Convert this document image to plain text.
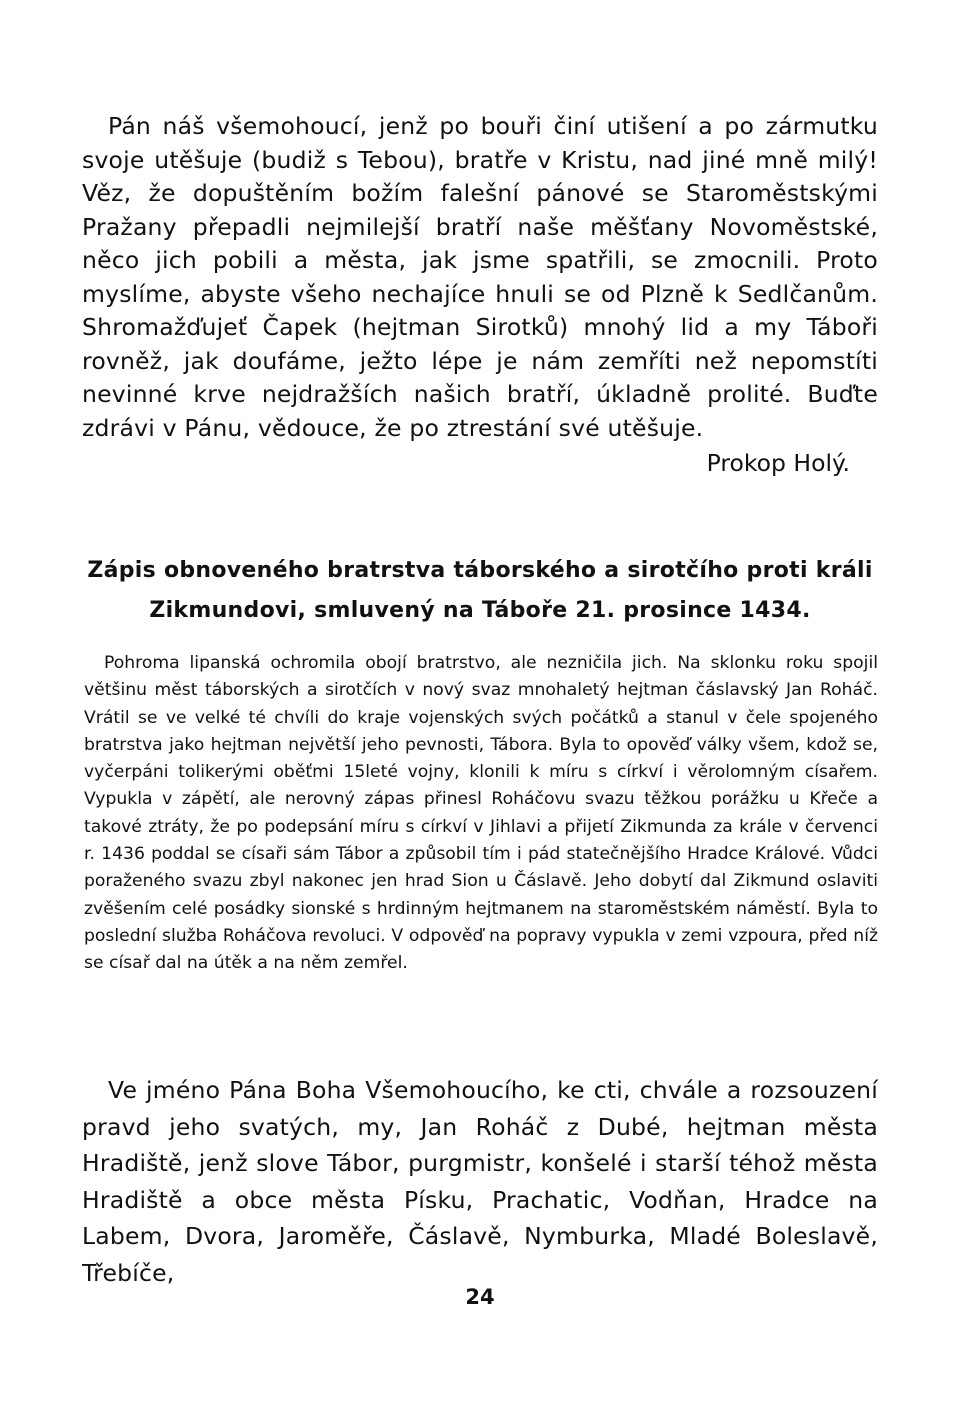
Pán náš všemohoucí, jenž po bouři činí utišení a po zármutku svoje utěšuje (budiž s Tebou), bratře v Kristu, nad jiné mně milý! Věz, že dopuštěním božím falešní pánové se Staroměstskými Pražany přepadli nejmilejší bratří naše měšťany Novoměstské, něco jich pobili a města, jak jsme spatřili, se zmocnili. Proto myslíme, abyste všeho nechajíce hnuli se od Plzně k Sedlčanům. Shromažďujeť Čapek (hejtman Sirotků) mnohý lid a my Táboři rovněž, jak doufáme, ježto lépe je nám zemříti než nepomstíti nevinné krve nejdražších našich bratří, úkladně prolité. Buďte zdrávi v Pánu, vědouce, že po ztrestání své utěšuje.

Prokop Holý.
Zápis obnoveného bratrstva táborského a sirotčího proti králi
Zikmundovi, smluvený na Táboře 21. prosince 1434.

Pohroma lipanská ochromila obojí bratrstvo, ale nezničila jich. Na sklonku roku spojil většinu měst táborských a sirotčích v nový svaz mnohaletý hejtman čáslavský Jan Roháč. Vrátil se ve velké té chvíli do kraje vojenských svých počátků a stanul v čele spojeného bratrstva jako hejtman největší jeho pevnosti, Tábora. Byla to opověď války všem, kdož se, vyčerpáni tolikerými oběťmi 15leté vojny, klonili k míru s církví i věrolomným císařem. Vypukla v zápětí, ale nerovný zápas přinesl Roháčovu svazu těžkou porážku u Křeče a takové ztráty, že po podepsání míru s církví v Jihlavi a přijetí Zikmunda za krále v červenci r. 1436 poddal se císaři sám Tábor a způsobil tím i pád statečnějšího Hradce Králové. Vůdci poraženého svazu zbyl nakonec jen hrad Sion u Čáslavě. Jeho dobytí dal Zikmund oslaviti zvěšením celé posádky sionské s hrdinným hejtmanem na staroměstském náměstí. Byla to poslední služba Roháčova revoluci. V odpověď na popravy vypukla v zemi vzpoura, před níž se císař dal na útěk a na něm zemřel.

Ve jméno Pána Boha Všemohoucího, ke cti, chvále a rozsouzení pravd jeho svatých, my, Jan Roháč z Dubé, hejtman města Hradiště, jenž slove Tábor, purgmistr, konšelé i starší téhož města Hradiště a obce města Písku, Prachatic, Vodňan, Hradce na Labem, Dvora, Jaroměře, Čáslavě, Nymburka, Mladé Boleslavě, Třebíče,

24
